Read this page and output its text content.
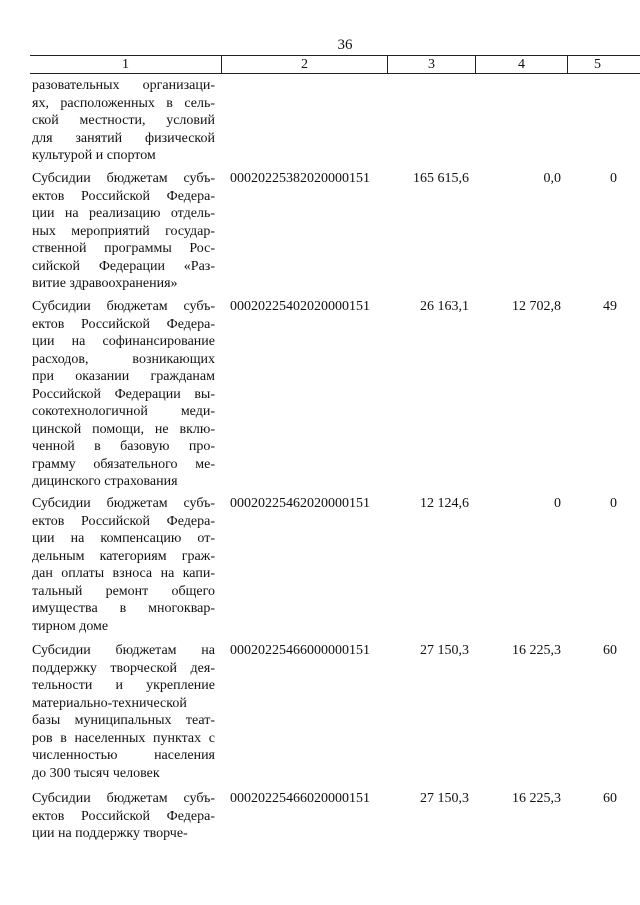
36
1	2	3	4	5
разовательных организаци-
ях, расположенных в сель-
ской местности, условий
для занятий физической
культурой и спортом
Субсидии бюджетам субъ-
ектов Российской Федера-
ции на реализацию отдель-
ных мероприятий государ-
ственной программы Рос-
сийской Федерации «Раз-
витие здравоохранения»
00020225382020000151	165 615,6	0,0	0
Субсидии бюджетам субъ-
ектов Российской Федера-
ции на софинансирование
расходов, возникающих
при оказании гражданам
Российской Федерации вы-
сокотехнологичной меди-
цинской помощи, не вклю-
ченной в базовую про-
грамму обязательного ме-
дицинского страхования
00020225402020000151	26 163,1	12 702,8	49
Субсидии бюджетам субъ-
ектов Российской Федера-
ции на компенсацию от-
дельным категориям граж-
дан оплаты взноса на капи-
тальный ремонт общего
имущества в многоквар-
тирном доме
00020225462020000151	12 124,6	0	0
Субсидии бюджетам на
поддержку творческой дея-
тельности и укрепление
материально-технической
базы муниципальных теат-
ров в населенных пунктах с
численностью населения
до 300 тысяч человек
00020225466000000151	27 150,3	16 225,3	60
Субсидии бюджетам субъ-
ектов Российской Федера-
ции на поддержку творче-
00020225466020000151	27 150,3	16 225,3	60
